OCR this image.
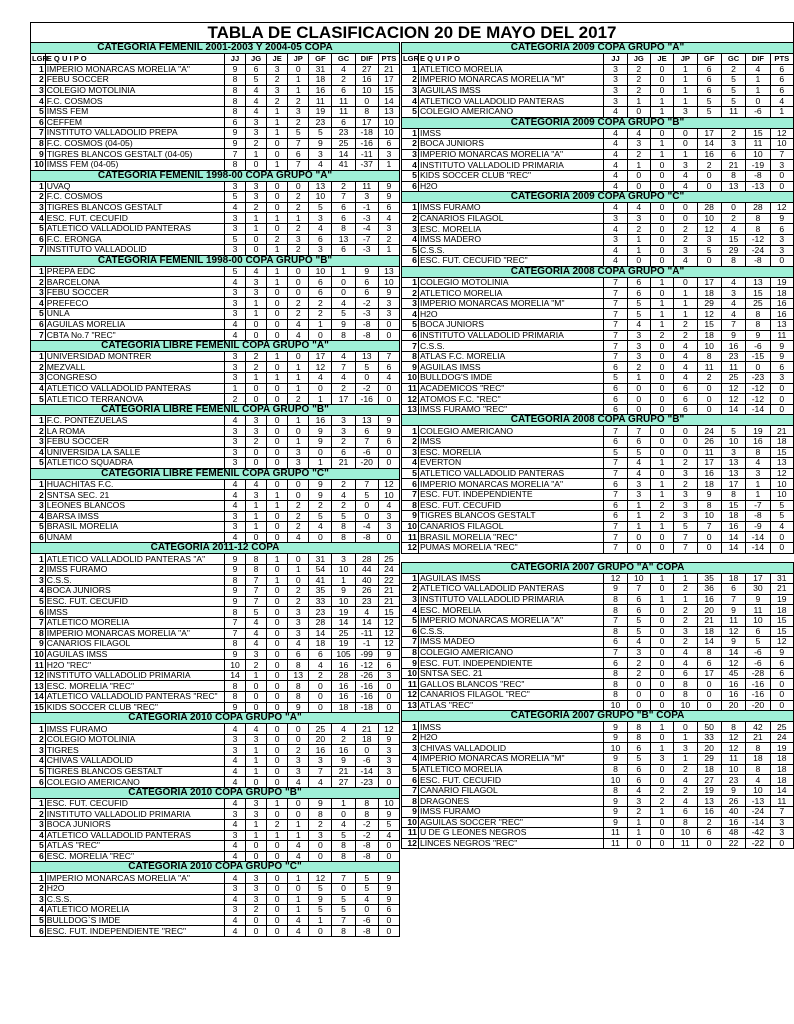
TABLA DE CLASIFICACION 20 DE MAYO DEL 2017
CATEGORIA FEMENIL 2001-2003 Y 2004-05 COPA									
LGR	E Q U I P O	JJ	JG	JE	JP	GF	GC	DIF	PTS
1	IMPERIO MONARCAS MORELIA "A"	9	6	3	0	31	4	27	21
2	FEBU SOCCER	8	5	2	1	18	2	16	17
3	COLEGIO MOTOLINIA	8	4	3	1	16	6	10	15
4	F.C. COSMOS	8	4	2	2	11	11	0	14
5	IMSS FEM	8	4	1	3	19	11	8	13
6	CEFFEM	6	3	1	2	23	6	17	10
7	INSTITUTO VALLADOLID PREPA	9	3	1	5	5	23	-18	10
8	F.C. COSMOS (04-05)	9	2	0	7	9	25	-16	6
9	TIGRES BLANCOS GESTALT (04-05)	7	1	0	6	3	14	-11	3
10	IMSS FEM (04-05)	8	0	1	7	4	41	-37	1
CATEGORIA FEMENIL 1998-00 COPA GRUPO "A"									
1	UVAQ	3	3	0	0	13	2	11	9
2	F.C. COSMOS	5	3	0	2	10	7	3	9
3	TIGRES BLANCOS GESTALT	4	2	0	2	5	6	-1	6
4	ESC. FUT. CECUFID	3	1	1	1	3	6	-3	4
5	ATLETICO VALLADOLID PANTERAS	3	1	0	2	4	8	-4	3
6	F.C. ERONGA	5	0	2	3	6	13	-7	2
7	INSTITUTO VALLADOLID	3	0	1	2	3	6	-3	1
CATEGORIA FEMENIL 1998-00 COPA GRUPO "B"									
1	PREPA EDC	5	4	1	0	10	1	9	13
2	BARCELONA	4	3	1	0	6	0	6	10
3	FEBU SOCCER	3	3	0	0	6	0	6	9
4	PREFECO	3	1	0	2	2	4	-2	3
5	UNLA	3	1	0	2	2	5	-3	3
6	AGUILAS MORELIA	4	0	0	4	1	9	-8	0
7	CBTA No.7 "REC"	4	0	0	4	0	8	-8	0
CATEGORIA LIBRE FEMENIL COPA GRUPO "A"									
1	UNIVERSIDAD MONTRER	3	2	1	0	17	4	13	7
2	MEZVALL	3	2	0	1	12	7	5	6
3	CONGRESO	3	1	1	1	4	4	0	4
4	ATLETICO VALLADOLID PANTERAS	1	0	0	1	0	2	-2	0
5	ATLETICO TERRANOVA	2	0	0	2	1	17	-16	0
CATEGORIA LIBRE FEMENIL COPA GRUPO "B"									
1	F.C. PONTEZUELAS	4	3	0	1	16	3	13	9
2	LA ROMA	3	3	0	0	9	3	6	9
3	FEBU SOCCER	3	2	0	1	9	2	7	6
4	UNIVERSIDA LA SALLE	3	0	0	3	0	6	-6	0
5	ATLETICO SQUADRA	3	0	0	3	1	21	-20	0
CATEGORIA LIBRE FEMENIL COPA GRUPO "C"									
1	HUACHITAS F.C.	4	4	0	0	9	2	7	12
2	SNTSA SEC. 21	4	3	1	0	9	4	5	10
3	LEONES BLANCOS	4	1	1	2	2	2	0	4
4	BARSA IMSS	3	1	0	2	5	5	0	3
5	BRASIL MORELIA	3	1	0	2	4	8	-4	3
6	UNAM	4	0	0	4	0	8	-8	0
CATEGORIA 2011-12 COPA									
1	ATLETICO VALLADOLID PANTERAS "A"	9	8	1	0	31	3	28	25
2	IMSS FURAMO	9	8	0	1	54	10	44	24
3	C.S.S.	8	7	1	0	41	1	40	22
4	BOCA JUNIORS	9	7	0	2	35	9	26	21
5	ESC. FUT. CECUFID	9	7	0	2	33	10	23	21
6	IMSS	8	5	0	3	23	19	4	15
7	ATLETICO MORELIA	7	4	0	3	28	14	14	12
8	IMPERIO MONARCAS MORELIA "A"	7	4	0	3	14	25	-11	12
9	CANARIOS FILAGOL	8	4	0	4	18	19	-1	12
10	AGUILAS IMSS	9	3	0	6	6	105	-99	9
11	H2O "REC"	10	2	0	8	4	16	-12	6
12	INSTITUTO VALLADOLID PRIMARIA	14	1	0	13	2	28	-26	3
13	ESC. MORELIA "REC"	8	0	0	8	0	16	-16	0
14	ATLETICO VALLADOLID PANTERAS "REC"	8	0	0	8	0	16	-16	0
15	KIDS SOCCER CLUB "REC"	9	0	0	9	0	18	-18	0
CATEGORIA 2010 COPA GRUPO "A"									
1	IMSS FURAMO	4	4	0	0	25	4	21	12
2	COLEGIO MOTOLINIA	3	3	0	0	20	2	18	9
3	TIGRES	3	1	0	2	16	16	0	3
4	CHIVAS VALLADOLID	4	1	0	3	3	9	-6	3
5	TIGRES BLANCOS GESTALT	4	1	0	3	7	21	-14	3
6	COLEGIO AMERICANO	4	0	0	4	4	27	-23	0
CATEGORIA 2010 COPA GRUPO "B"									
1	ESC. FUT. CECUFID	4	3	1	0	9	1	8	10
2	INSTITUTO VALLADOLID PRIMARIA	3	3	0	0	8	0	8	9
3	BOCA JUNIORS	4	1	2	1	2	4	-2	5
4	ATLETICO VALLADOLID PANTERAS	3	1	1	1	3	5	-2	4
5	ATLAS "REC"	4	0	0	4	0	8	-8	0
6	ESC. MORELIA "REC"	4	0	0	4	0	8	-8	0
CATEGORIA 2010 COPA GRUPO "C"									
1	IMPERIO MONARCAS MORELIA "A"	4	3	0	1	12	7	5	9
2	H2O	3	3	0	0	5	0	5	9
3	C.S.S.	4	3	0	1	9	5	4	9
4	ATLETICO MORELIA	3	2	0	1	5	5	0	6
5	BULLDOG`S IMDE	4	0	0	4	1	7	-6	0
6	ESC. FUT. INDEPENDIENTE "REC"	4	0	0	4	0	8	-8	0
CATEGORIA 2009 COPA GRUPO "A"									
LGR	E Q U I P O	JJ	JG	JE	JP	GF	GC	DIF	PTS
1	ATLETICO MORELIA	3	2	0	1	6	2	4	6
2	IMPERIO MONARCAS MORELIA "M"	3	2	0	1	6	5	1	6
3	AGUILAS IMSS	3	2	0	1	6	5	1	6
4	ATLETICO VALLADOLID PANTERAS	3	1	1	1	5	5	0	4
5	COLEGIO AMERICANO	4	0	1	3	5	11	-6	1
CATEGORIA 2009 COPA GRUPO "B"									
1	IMSS	4	4	0	0	17	2	15	12
2	BOCA JUNIORS	4	3	1	0	14	3	11	10
3	IMPERIO MONARCAS MORELIA "A"	4	2	1	1	16	6	10	7
4	INSTITUTO VALLADOLID PRIMARIA	4	1	0	3	2	21	-19	3
5	KIDS SOCCER CLUB "REC"	4	0	0	4	0	8	-8	0
6	H2O	4	0	0	4	0	13	-13	0
CATEGORIA 2009 COPA GRUPO "C"									
1	IMSS FURAMO	4	4	0	0	28	0	28	12
2	CANARIOS FILAGOL	3	3	0	0	10	2	8	9
3	ESC. MORELIA	4	2	0	2	12	4	8	6
4	IMSS MADERO	3	1	0	2	3	15	-12	3
5	C.S.S.	4	1	0	3	5	29	-24	3
6	ESC. FUT. CECUFID "REC"	4	0	0	4	0	8	-8	0
CATEGORIA 2008 COPA GRUPO "A"									
1	COLEGIO MOTOLINIA	7	6	1	0	17	4	13	19
2	ATLETICO MORELIA	7	6	0	1	18	3	15	18
3	IMPERIO MONARCAS MORELIA "M"	7	5	1	1	29	4	25	16
4	H2O	7	5	1	1	12	4	8	16
5	BOCA JUNIORS	7	4	1	2	15	7	8	13
6	INSTITUTO VALLADOLID PRIMARIA	7	3	2	2	18	9	9	11
7	C.S.S.	7	3	0	4	10	16	-6	9
8	ATLAS F.C. MORELIA	7	3	0	4	8	23	-15	9
9	AGUILAS IMSS	6	2	0	4	11	11	0	6
10	BULLDOG'S IMDE	5	1	0	4	2	25	-23	3
11	ACADEMICOS "REC"	6	0	0	6	0	12	-12	0
12	ATOMOS F.C. "REC"	6	0	0	6	0	12	-12	0
13	IMSS FURAMO "REC"	6	0	0	6	0	14	-14	0
CATEGORIA 2008 COPA GRUPO "B"									
1	COLEGIO AMERICANO	7	7	0	0	24	5	19	21
2	IMSS	6	6	0	0	26	10	16	18
3	ESC. MORELIA	5	5	0	0	11	3	8	15
4	EVERTON	7	4	1	2	17	13	4	13
5	ATLETICO VALLADOLID PANTERAS	7	4	0	3	16	13	3	12
6	IMPERIO MONARCAS MORELIA "A"	6	3	1	2	18	17	1	10
7	ESC. FUT. INDEPENDIENTE	7	3	1	3	9	8	1	10
8	ESC. FUT. CECUFID	6	1	2	3	8	15	-7	5
9	TIGRES BLANCOS GESTALT	6	1	2	3	10	18	-8	5
10	CANARIOS FILAGOL	7	1	1	5	7	16	-9	4
11	BRASIL MORELIA "REC"	7	0	0	7	0	14	-14	0
12	PUMAS MORELIA "REC"	7	0	0	7	0	14	-14	0

CATEGORIA 2007 GRUPO "A" COPA									
1	AGUILAS IMSS	12	10	1	1	35	18	17	31
2	ATLETICO VALLADOLID PANTERAS	9	7	0	2	36	6	30	21
3	INSTITUTO VALLADOLID PRIMARIA	8	6	1	1	16	7	9	19
4	ESC. MORELIA	8	6	0	2	20	9	11	18
5	IMPERIO MONARCAS MORELIA "A"	7	5	0	2	21	11	10	15
6	C.S.S.	8	5	0	3	18	12	6	15
7	IMSS MADEO	6	4	0	2	14	9	5	12
8	COLEGIO AMERICANO	7	3	0	4	8	14	-6	9
9	ESC. FUT. INDEPENDIENTE	6	2	0	4	6	12	-6	6
10	SNTSA SEC. 21	8	2	0	6	17	45	-28	6
11	GALLOS BLANCOS "REC"	8	0	0	8	0	16	-16	0
12	CANARIOS FILAGOL "REC"	8	0	0	8	0	16	-16	0
13	ATLAS "REC"	10	0	0	10	0	20	-20	0
CATEGORIA 2007 GRUPO "B" COPA									
1	IMSS	9	8	1	0	50	8	42	25
2	H2O	9	8	0	1	33	12	21	24
3	CHIVAS VALLADOLID	10	6	1	3	20	12	8	19
4	IMPERIO MONARCAS MORELIA "M"	9	5	3	1	29	11	18	18
5	ATLETICO MORELIA	8	6	0	2	18	10	8	18
6	ESC. FUT. CECUFID	10	6	0	4	27	23	4	18
7	CANARIO FILAGOL	8	4	2	2	19	9	10	14
8	DRAGONES	9	3	2	4	13	26	-13	11
9	IMSS FURAMO	9	2	1	6	16	40	-24	7
10	AGUILAS SOCCER "REC"	9	1	0	8	2	16	-14	3
11	U DE G LEONES NEGROS	11	1	0	10	6	48	-42	3
12	LINCES NEGROS "REC"	11	0	0	11	0	22	-22	0
